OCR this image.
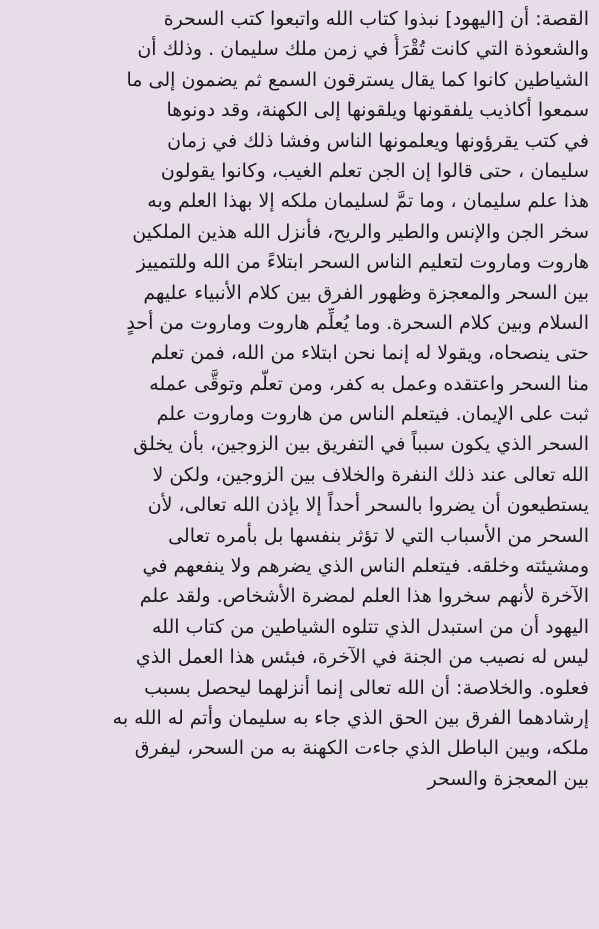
القصة: أن [اليهود] نبذوا كتاب الله واتبعوا كتب السحرة
والشعوذة التي كانت تُقْرَأُ في زمن ملك سليمان . وذلك أن
الشياطين كانوا كما يقال يسترقون السمع ثم يضمون إلى ما
سمعوا أكاذيب يلفقونها ويلقونها إلى الكهنة، وقد دونوها
في كتب يقرؤونها ويعلمونها الناس وفشا ذلك في زمان
سليمان ، حتى قالوا إن الجن تعلم الغيب، وكانوا يقولون
هذا علم سليمان ، وما تمَّ لسليمان ملكه إلا بهذا العلم وبه
سخر الجن والإنس والطير والريح، فأنزل الله هذين الملكين
هاروت وماروت لتعليم الناس السحر ابتلاءً من الله وللتمييز
بين السحر والمعجزة وظهور الفرق بين كلام الأنبياء عليهم
السلام وبين كلام السحرة. وما يُعلِّم هاروت وماروت من أحدٍ
حتى ينصحاه، ويقولا له إنما نحن ابتلاء من الله، فمن تعلم
منا السحر واعتقده وعمل به كفر، ومن تعلَّم وتوقَّى عمله
ثبت على الإيمان. فيتعلم الناس من هاروت وماروت علم
السحر الذي يكون سبباً في التفريق بين الزوجين، بأن يخلق
الله تعالى عند ذلك النفرة والخلاف بين الزوجين، ولكن لا
يستطيعون أن يضروا بالسحر أحداً إلا بإذن الله تعالى، لأن
السحر من الأسباب التي لا تؤثر بنفسها بل بأمره تعالى
ومشيئته وخلقه. فيتعلم الناس الذي يضرهم ولا ينفعهم في
الآخرة لأنهم سخروا هذا العلم لمضرة الأشخاص. ولقد علم
اليهود أن من استبدل الذي تتلوه الشياطين من كتاب الله
ليس له نصيب من الجنة في الآخرة، فبئس هذا العمل الذي
فعلوه. والخلاصة: أن الله تعالى إنما أنزلهما ليحصل بسبب
إرشادهما الفرق بين الحق الذي جاء به سليمان وأتم له الله به
ملكه، وبين الباطل الذي جاءت الكهنة به من السحر، ليفرق
بين المعجزة والسحر
